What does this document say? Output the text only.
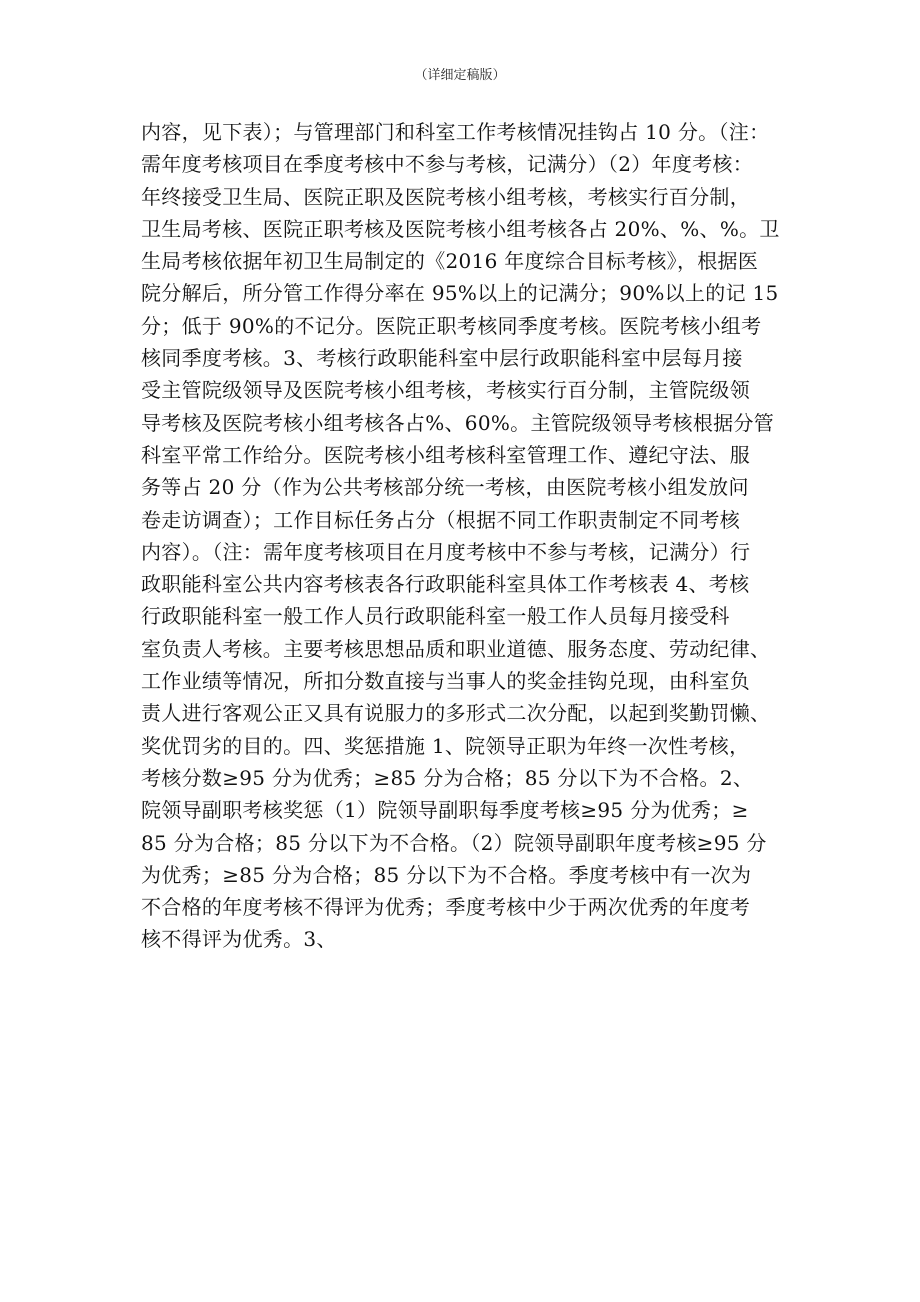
（详细定稿版）
内容，见下表）；与管理部门和科室工作考核情况挂钩占 10 分。（注：
需年度考核项目在季度考核中不参与考核，记满分）（2）年度考核：
年终接受卫生局、医院正职及医院考核小组考核，考核实行百分制，
卫生局考核、医院正职考核及医院考核小组考核各占 20%、%、%。卫
生局考核依据年初卫生局制定的《2016 年度综合目标考核》，根据医
院分解后，所分管工作得分率在 95%以上的记满分；90%以上的记 15
分；低于 90%的不记分。医院正职考核同季度考核。医院考核小组考
核同季度考核。3、考核行政职能科室中层行政职能科室中层每月接
受主管院级领导及医院考核小组考核，考核实行百分制，主管院级领
导考核及医院考核小组考核各占%、60%。主管院级领导考核根据分管
科室平常工作给分。医院考核小组考核科室管理工作、遵纪守法、服
务等占 20 分（作为公共考核部分统一考核，由医院考核小组发放问
卷走访调查）；工作目标任务占分（根据不同工作职责制定不同考核
内容）。（注：需年度考核项目在月度考核中不参与考核，记满分）行
政职能科室公共内容考核表各行政职能科室具体工作考核表 4、考核
行政职能科室一般工作人员行政职能科室一般工作人员每月接受科
室负责人考核。主要考核思想品质和职业道德、服务态度、劳动纪律、
工作业绩等情况，所扣分数直接与当事人的奖金挂钩兑现，由科室负
责人进行客观公正又具有说服力的多形式二次分配，以起到奖勤罚懒、
奖优罚劣的目的。四、奖惩措施 1、院领导正职为年终一次性考核，
考核分数≥95 分为优秀；≥85 分为合格；85 分以下为不合格。2、
院领导副职考核奖惩（1）院领导副职每季度考核≥95 分为优秀；≥
85 分为合格；85 分以下为不合格。（2）院领导副职年度考核≥95 分
为优秀；≥85 分为合格；85 分以下为不合格。季度考核中有一次为
不合格的年度考核不得评为优秀；季度考核中少于两次优秀的年度考
核不得评为优秀。3、
